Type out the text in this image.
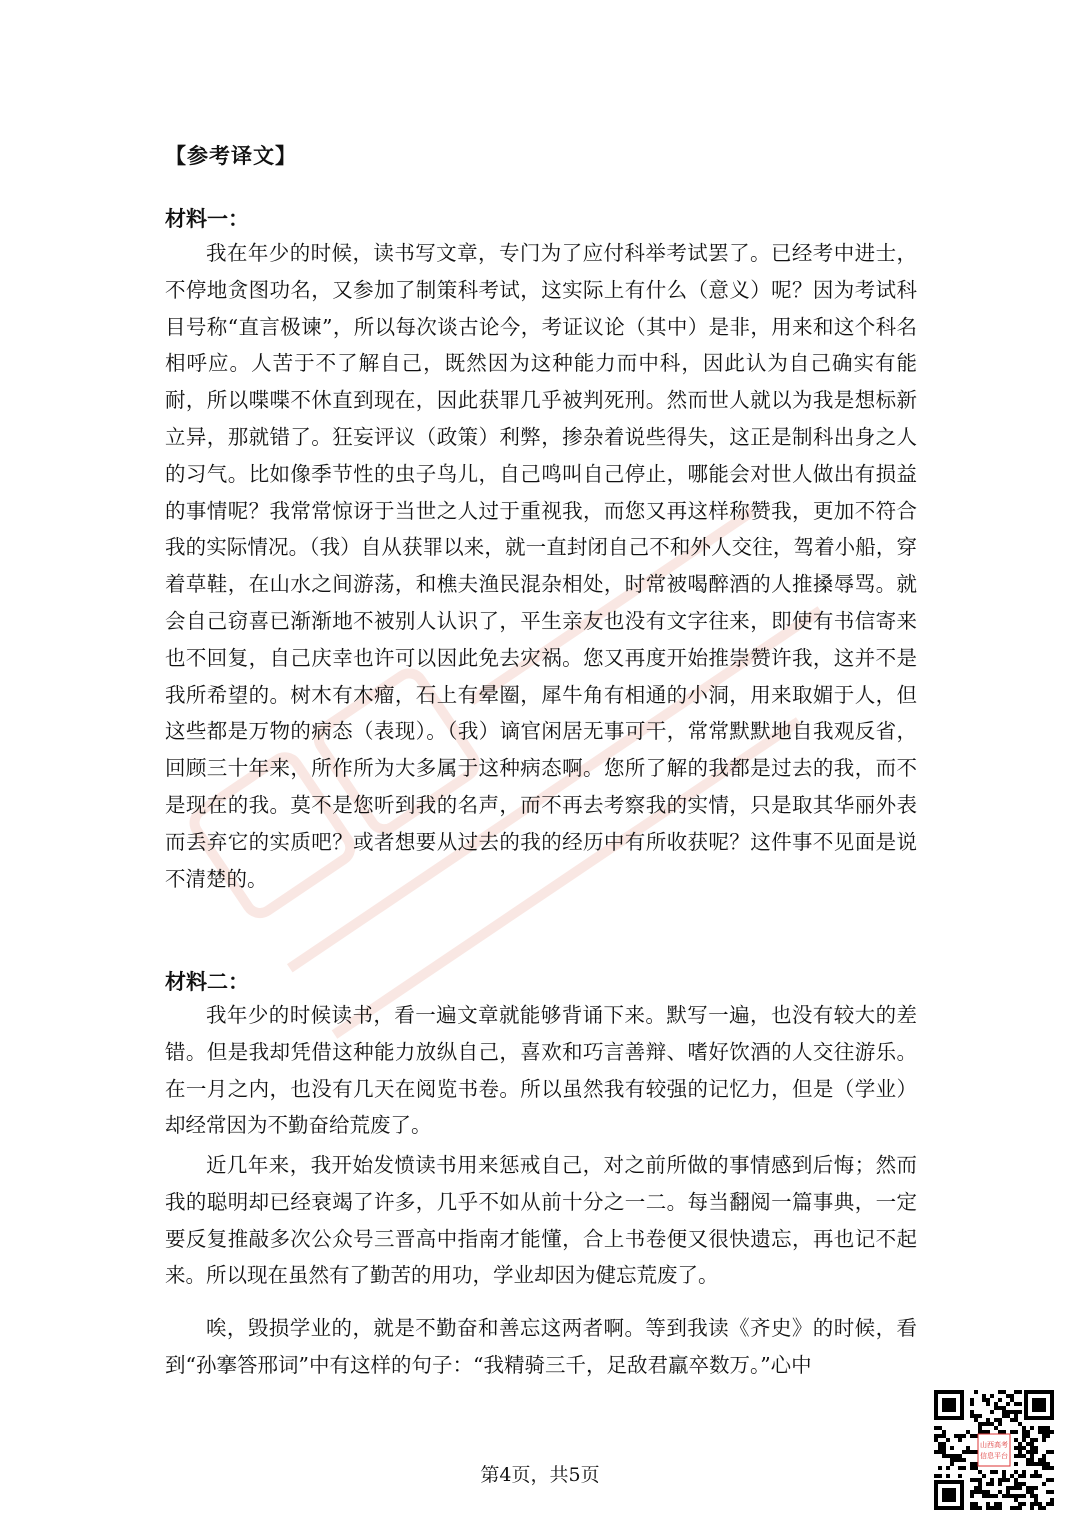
【参考译文】
材料一：

我在年少的时候，读书写文章，专门为了应付科举考试罢了。已经考中进士，不停地贪图功名，又参加了制策科考试，这实际上有什么（意义）呢？因为考试科目号称“直言极谏”，所以每次谈古论今，考证议论（其中）是非，用来和这个科名相呼应。人苦于不了解自己，既然因为这种能力而中科，因此认为自己确实有能耐，所以喋喋不休直到现在，因此获罪几乎被判死刑。然而世人就以为我是想标新立异，那就错了。狂妄评议（政策）利弊，掺杂着说些得失，这正是制科出身之人的习气。比如像季节性的虫子鸟儿，自己鸣叫自己停止，哪能会对世人做出有损益的事情呢？我常常惊讶于当世之人过于重视我，而您又再这样称赞我，更加不符合我的实际情况。（我）自从获罪以来，就一直封闭自己不和外人交往，驾着小船，穿着草鞋，在山水之间游荡，和樵夫渔民混杂相处，时常被喝醉酒的人推搡辱骂。就会自己窃喜已渐渐地不被别人认识了，平生亲友也没有文字往来，即使有书信寄来也不回复，自己庆幸也许可以因此免去灾祸。您又再度开始推崇赞许我，这并不是我所希望的。树木有木瘤，石上有晕圈，犀牛角有相通的小洞，用来取媚于人，但这些都是万物的病态（表现）。（我）谪官闲居无事可干，常常默默地自我观反省，回顾三十年来，所作所为大多属于这种病态啊。您所了解的我都是过去的我，而不是现在的我。莫不是您听到我的名声，而不再去考察我的实情，只是取其华丽外表而丢弃它的实质吧？或者想要从过去的我的经历中有所收获呢？这件事不见面是说不清楚的。

材料二：

我年少的时候读书，看一遍文章就能够背诵下来。默写一遍，也没有较大的差错。但是我却凭借这种能力放纵自己，喜欢和巧言善辩、嗜好饮酒的人交往游乐。在一月之内，也没有几天在阅览书卷。所以虽然我有较强的记忆力，但是（学业）却经常因为不勤奋给荒废了。

近几年来，我开始发愤读书用来惩戒自己，对之前所做的事情感到后悔；然而我的聪明却已经衰竭了许多，几乎不如从前十分之一二。每当翻阅一篇事典，一定要反复推敲多次公众号三晋高中指南才能懂，合上书卷便又很快遗忘，再也记不起来。所以现在虽然有了勤苦的用功，学业却因为健忘荒废了。

唉，毁损学业的，就是不勤奋和善忘这两者啊。等到我读《齐史》的时候，看到“孙搴答邢词”中有这样的句子：“我精骑三千，足敌君羸卒数万。”心中

第4页，共5页
山西高考
信息平台
